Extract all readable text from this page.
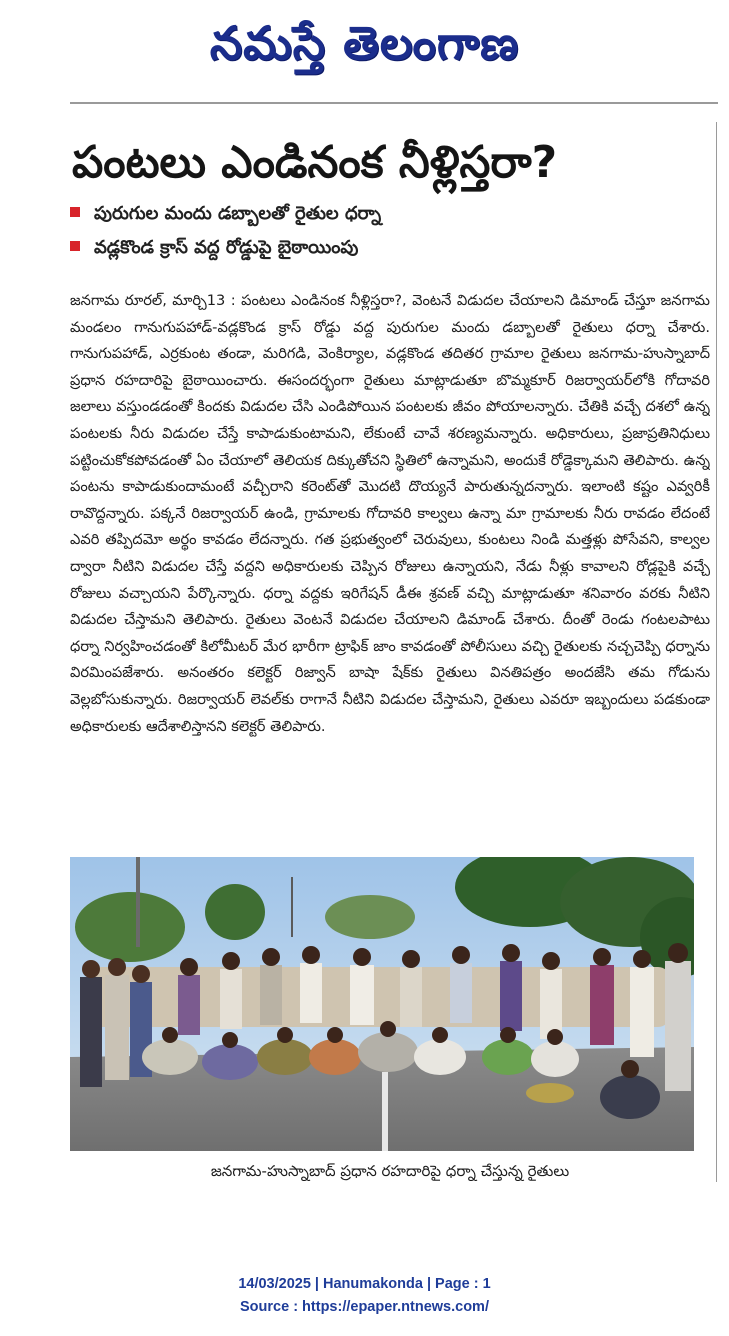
నమస్తే తెలంగాణ
పంటలు ఎండినంక నీళ్లిస్తరా?
పురుగుల మందు డబ్బాలతో రైతుల ధర్నా
వడ్లకొండ క్రాస్ వద్ద రోడ్డుపై బైఠాయింపు
జనగామ రూరల్, మార్చి13 : పంటలు ఎండినంక నీళ్లిస్తరా?, వెంటనే విడుదల చేయాలని డిమాండ్ చేస్తూ జనగామ మండలం గానుగుపహాడ్-వడ్లకొండ క్రాస్ రోడ్డు వద్ద పురుగుల మందు డబ్బాలతో రైతులు ధర్నా చేశారు. గానుగుపహాడ్, ఎర్రకుంట తండా, మరిగడి, వెంకిర్యాల, వడ్లకొండ తదితర గ్రామాల రైతులు జనగామ-హుస్నాబాద్ ప్రధాన రహదారిపై బైఠాయించారు. ఈసందర్భంగా రైతులు మాట్లాడుతూ బొమ్మకూర్ రిజర్వాయర్‌లోకి గోదావరి జలాలు వస్తుండడంతో కిందకు విడుదల చేసి ఎండిపోయిన పంటలకు జీవం పోయాలన్నారు. చేతికి వచ్చే దశలో ఉన్న పంటలకు నీరు విడుదల చేస్తే కాపాడుకుంటామని, లేకుంటే చావే శరణ్యమన్నారు. అధికారులు, ప్రజాప్రతినిధులు పట్టించుకోకపోవడంతో ఏం చేయాలో తెలియక దిక్కుతోచని స్థితిలో ఉన్నామని, అందుకే రోడ్డెక్కామని తెలిపారు. ఉన్న పంటను కాపాడుకుందామంటే వచ్చీరాని కరెంట్‌తో మొదటి దొయ్యనే పారుతున్నదన్నారు. ఇలాంటి కష్టం ఎవ్వరికీ రావొద్దన్నారు. పక్కనే రిజర్వాయర్ ఉండి, గ్రామాలకు గోదావరి కాల్వలు ఉన్నా మా గ్రామాలకు నీరు రావడం లేదంటే ఎవరి తప్పిదమో అర్థం కావడం లేదన్నారు. గత ప్రభుత్వంలో చెరువులు, కుంటలు నిండి మత్తళ్లు పోసేవని, కాల్వల ద్వారా నీటిని విడుదల చేస్తే వద్దని అధికారులకు చెప్పిన రోజులు ఉన్నాయని, నేడు నీళ్లు కావాలని రోడ్లపైకి వచ్చే రోజులు వచ్చాయని పేర్కొన్నారు. ధర్నా వద్దకు ఇరిగేషన్ డీఈ శ్రవణ్ వచ్చి మాట్లాడుతూ శనివారం వరకు నీటిని విడుదల చేస్తామని తెలిపారు. రైతులు వెంటనే విడుదల చేయాలని డిమాండ్ చేశారు. దీంతో రెండు గంటలపాటు ధర్నా నిర్వహించడంతో కిలోమీటర్ మేర భారీగా ట్రాఫిక్ జాం కావడంతో పోలీసులు వచ్చి రైతులకు నచ్చచెప్పి ధర్నాను విరమింపజేశారు. అనంతరం కలెక్టర్ రిజ్వాన్ బాషా షేక్‌కు రైతులు వినతిపత్రం అందజేసి తమ గోడును వెల్లబోసుకున్నారు. రిజర్వాయర్ లెవల్‌కు రాగానే నీటిని విడుదల చేస్తామని, రైతులు ఎవరూ ఇబ్బందులు పడకుండా అధికారులకు ఆదేశాలిస్తానని కలెక్టర్ తెలిపారు.
జనగామ-హుస్నాబాద్ ప్రధాన రహదారిపై ధర్నా చేస్తున్న రైతులు
14/03/2025 | Hanumakonda | Page : 1
Source : https://epaper.ntnews.com/
